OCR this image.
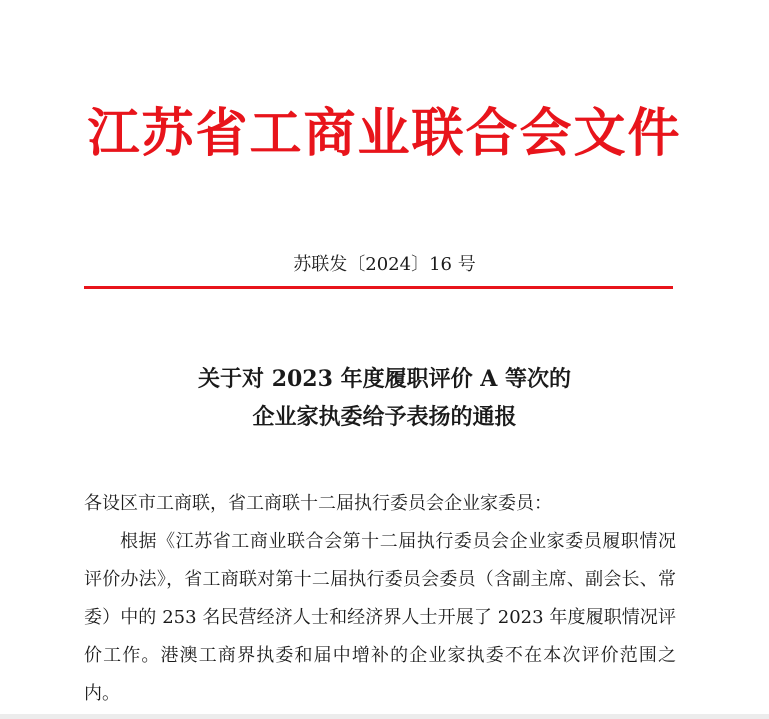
江苏省工商业联合会文件
苏联发〔2024〕16 号
关于对 2023 年度履职评价 A 等次的
企业家执委给予表扬的通报

各设区市工商联，省工商联十二届执行委员会企业家委员：

根据《江苏省工商业联合会第十二届执行委员会企业家委员履职情况评价办法》，省工商联对第十二届执行委员会委员（含副主席、副会长、常委）中的 253 名民营经济人士和经济界人士开展了 2023 年度履职情况评价工作。港澳工商界执委和届中增补的企业家执委不在本次评价范围之内。
